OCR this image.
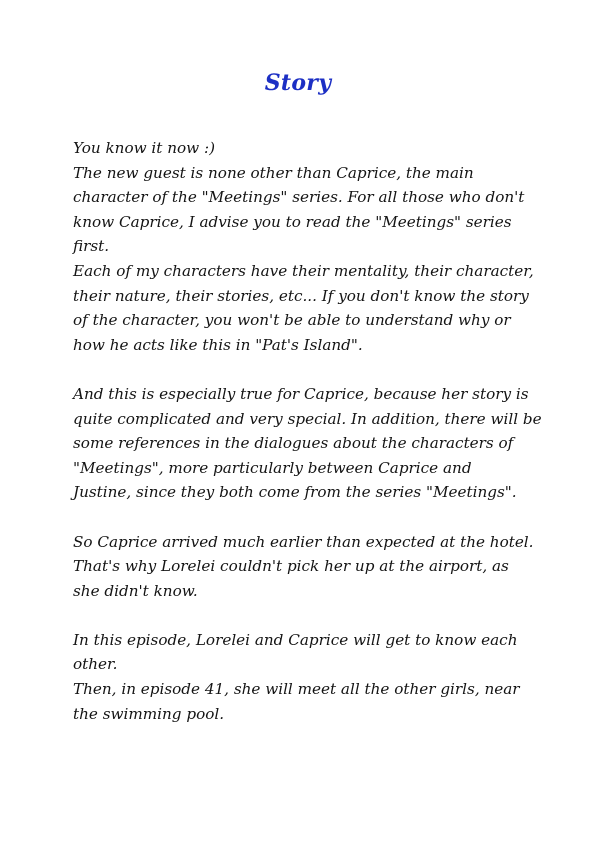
Story
You know it now :)
The new guest is none other than Caprice, the main
character of the "Meetings" series. For all those who don't
know Caprice, I advise you to read the "Meetings" series
first.
Each of my characters have their mentality, their character,
their nature, their stories, etc... If you don't know the story
of the character, you won't be able to understand why or
how he acts like this in "Pat's Island".
And this is especially true for Caprice, because her story is
quite complicated and very special. In addition, there will be
some references in the dialogues about the characters of
"Meetings", more particularly between Caprice and
Justine, since they both come from the series "Meetings".
So Caprice arrived much earlier than expected at the hotel.
That's why Lorelei couldn't pick her up at the airport, as
she didn't know.
In this episode, Lorelei and Caprice will get to know each
other.
Then, in episode 41, she will meet all the other girls, near
the swimming pool.
